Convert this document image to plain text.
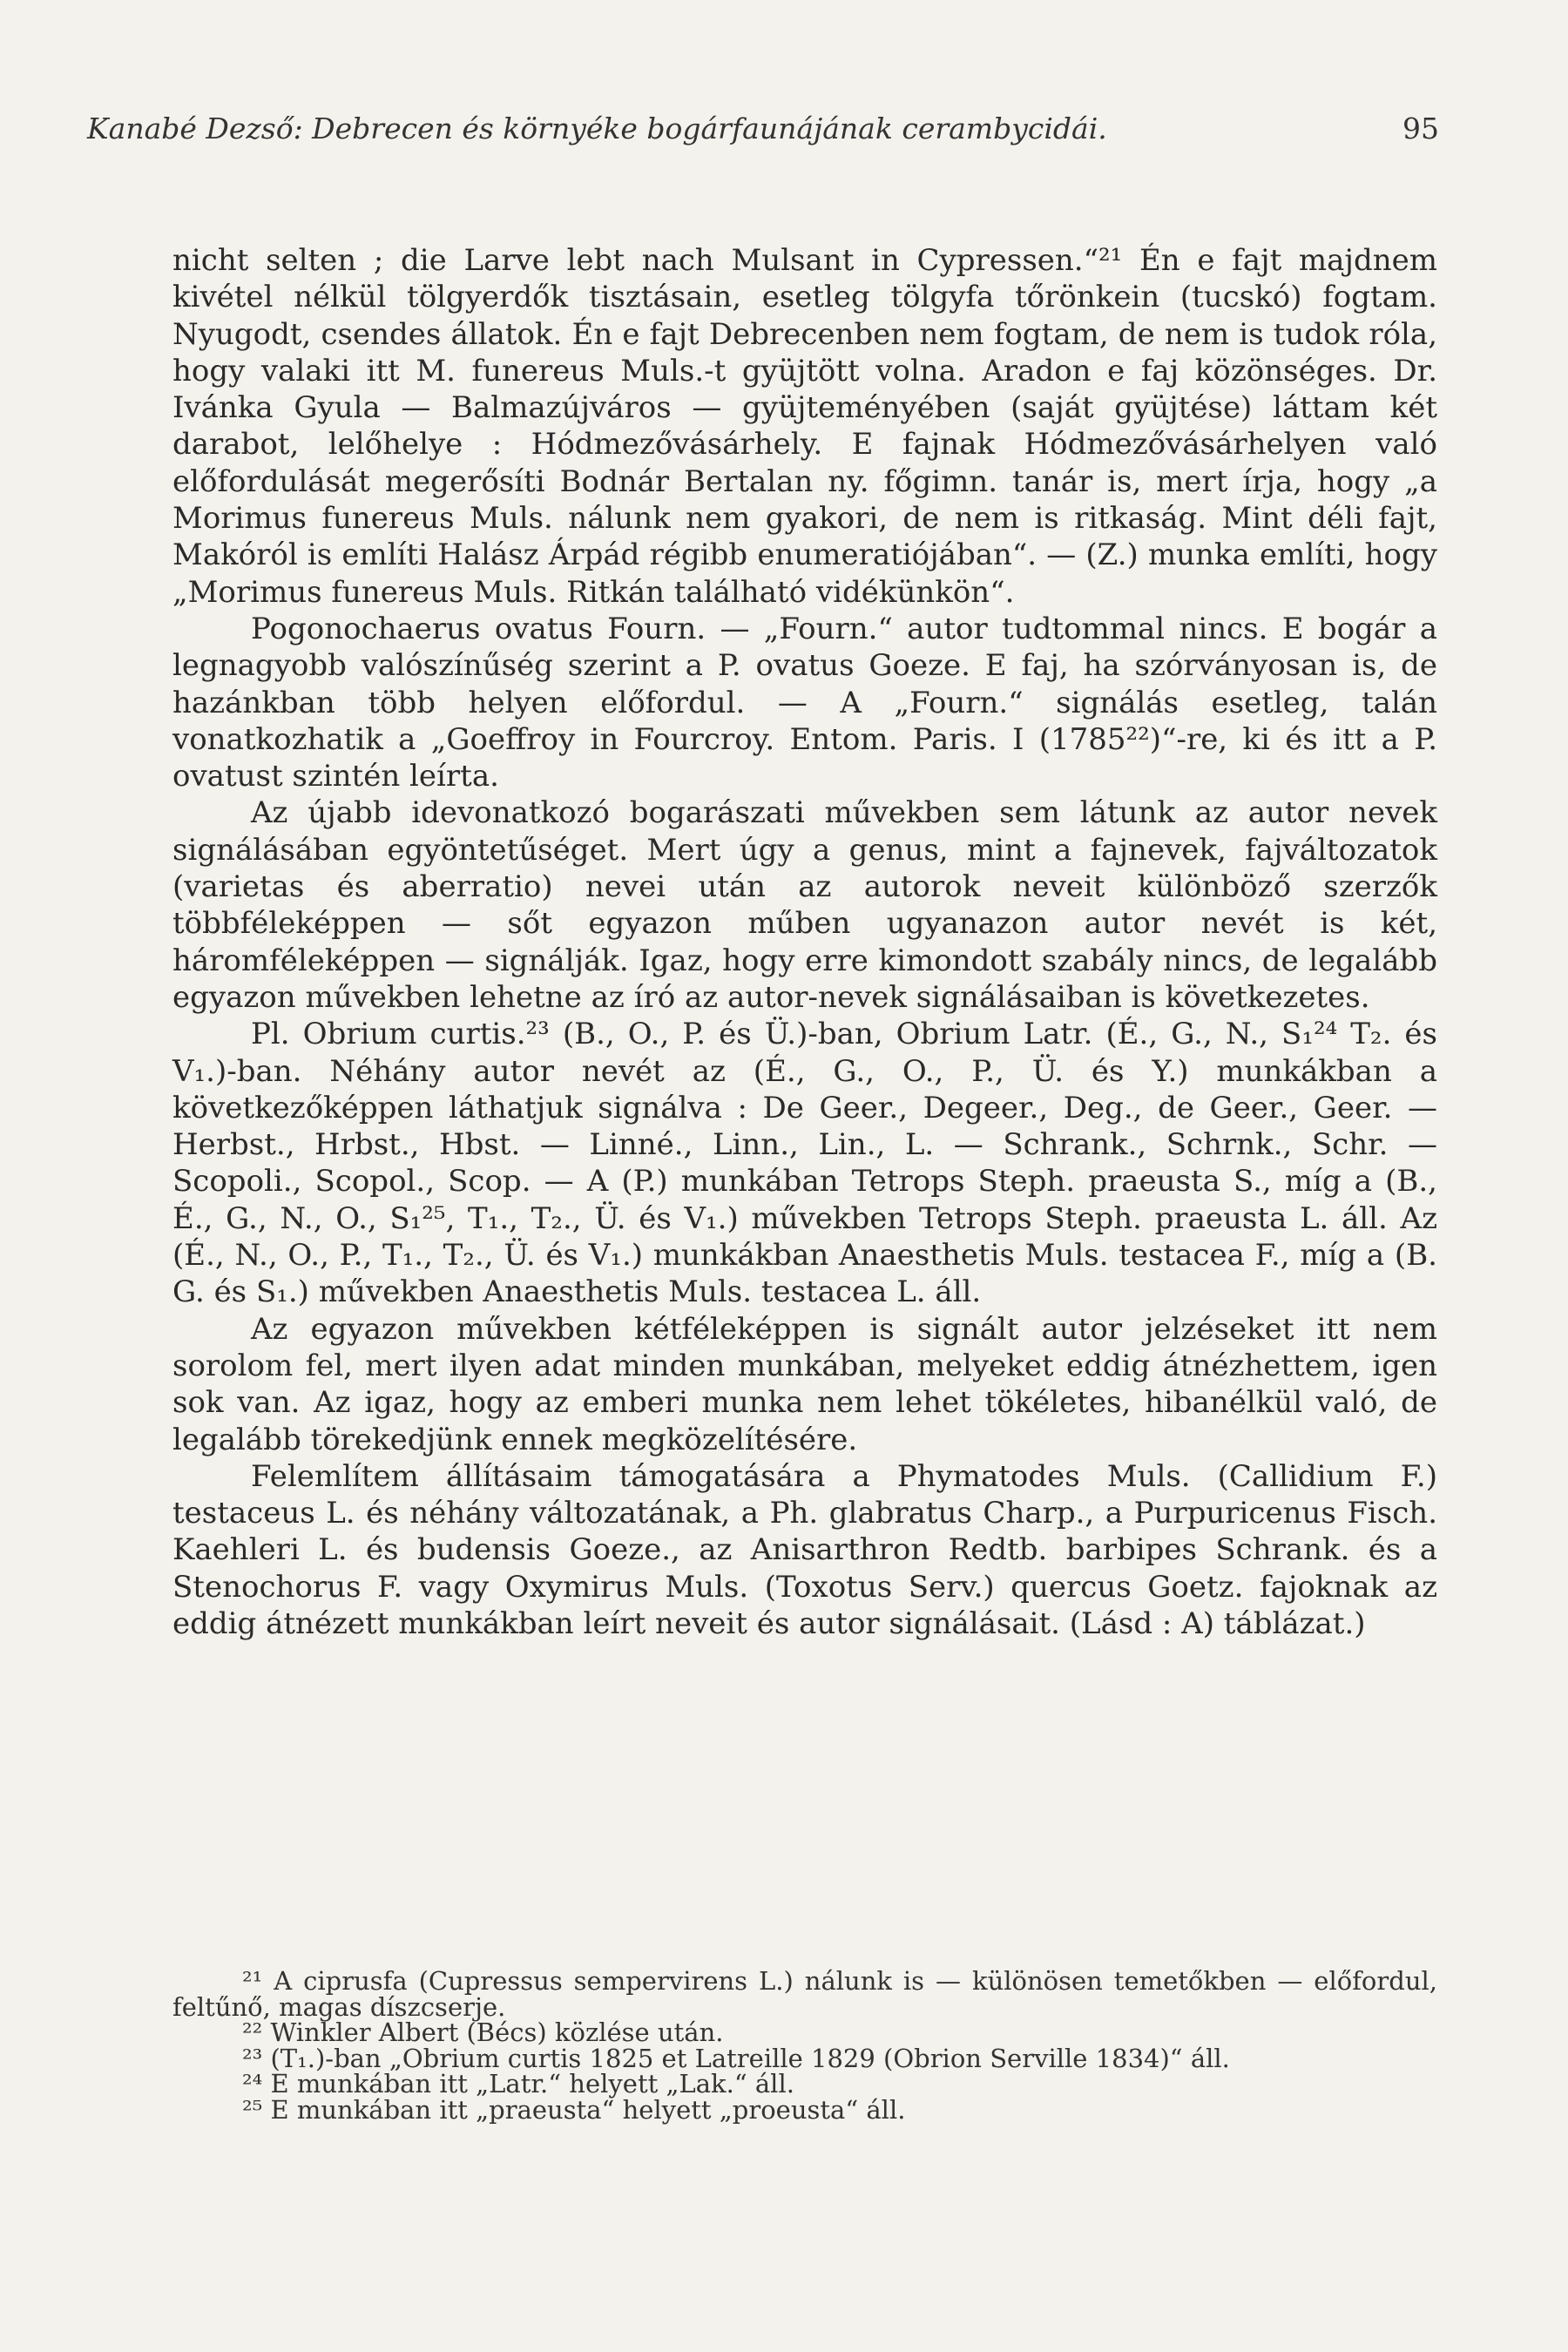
Kanabé Dezső: Debrecen és környéke bogárfaunájának cerambycidái.	95

nicht selten ; die Larve lebt nach Mulsant in Cypressen.“²¹ Én e fajt majdnem kivétel nélkül tölgyerdők tisztásain, esetleg tölgyfa tőrönkein (tucskó) fogtam. Nyugodt, csendes állatok. Én e fajt Debrecenben nem fogtam, de nem is tudok róla, hogy valaki itt M. funereus Muls.-t gyüjtött volna. Aradon e faj közönséges. Dr. Ivánka Gyula — Balmazújváros — gyüjteményében (saját gyüjtése) láttam két darabot, lelőhelye : Hódmezővásárhely. E fajnak Hódmezővásárhelyen való előfordulását megerősíti Bodnár Bertalan ny. főgimn. tanár is, mert írja, hogy „a Morimus funereus Muls. nálunk nem gyakori, de nem is ritkaság. Mint déli fajt, Makóról is említi Halász Árpád régibb enumeratiójában“. — (Z.) munka említi, hogy „Morimus funereus Muls. Ritkán található vidékünkön“.

Pogonochaerus ovatus Fourn. — „Fourn.“ autor tudtommal nincs. E bogár a legnagyobb valószínűség szerint a P. ovatus Goeze. E faj, ha szórványosan is, de hazánkban több helyen előfordul. — A „Fourn.“ signálás esetleg, talán vonatkozhatik a „Goeffroy in Fourcroy. Entom. Paris. I (1785²²)“-re, ki és itt a P. ovatust szintén leírta.

Az újabb idevonatkozó bogarászati művekben sem látunk az autor nevek signálásában egyöntetűséget. Mert úgy a genus, mint a fajnevek, fajváltozatok (varietas és aberratio) nevei után az autorok neveit különböző szerzők többféleképpen — sőt egyazon műben ugyanazon autor nevét is két, háromféleképpen — signálják. Igaz, hogy erre kimondott szabály nincs, de legalább egyazon művekben lehetne az író az autor-nevek signálásaiban is következetes.

Pl. Obrium curtis.²³ (B., O., P. és Ü.)-ban, Obrium Latr. (É., G., N., S₁²⁴ T₂. és V₁.)-ban. Néhány autor nevét az (É., G., O., P., Ü. és Y.) munkákban a következőképpen láthatjuk signálva : De Geer., Degeer., Deg., de Geer., Geer. — Herbst., Hrbst., Hbst. — Linné., Linn., Lin., L. — Schrank., Schrnk., Schr. — Scopoli., Scopol., Scop. — A (P.) munkában Tetrops Steph. praeusta S., míg a (B., É., G., N., O., S₁²⁵, T₁., T₂., Ü. és V₁.) művekben Tetrops Steph. praeusta L. áll. Az (É., N., O., P., T₁., T₂., Ü. és V₁.) munkákban Anaesthetis Muls. testacea F., míg a (B. G. és S₁.) művekben Anaesthetis Muls. testacea L. áll.

Az egyazon művekben kétféleképpen is signált autor jelzéseket itt nem sorolom fel, mert ilyen adat minden munkában, melyeket eddig átnézhettem, igen sok van. Az igaz, hogy az emberi munka nem lehet tökéletes, hibanélkül való, de legalább törekedjünk ennek megközelítésére.

Felemlítem állításaim támogatására a Phymatodes Muls. (Callidium F.) testaceus L. és néhány változatának, a Ph. glabratus Charp., a Purpuricenus Fisch. Kaehleri L. és budensis Goeze., az Anisarthron Redtb. barbipes Schrank. és a Stenochorus F. vagy Oxymirus Muls. (Toxotus Serv.) quercus Goetz. fajoknak az eddig átnézett munkákban leírt neveit és autor signálásait. (Lásd : A) táblázat.)

²¹ A ciprusfa (Cupressus sempervirens L.) nálunk is — különösen temetőkben — előfordul, feltűnő, magas díszcserje.

²² Winkler Albert (Bécs) közlése után.

²³ (T₁.)-ban „Obrium curtis 1825 et Latreille 1829 (Obrion Serville 1834)“ áll.

²⁴ E munkában itt „Latr.“ helyett „Lak.“ áll.

²⁵ E munkában itt „praeusta“ helyett „proeusta“ áll.
